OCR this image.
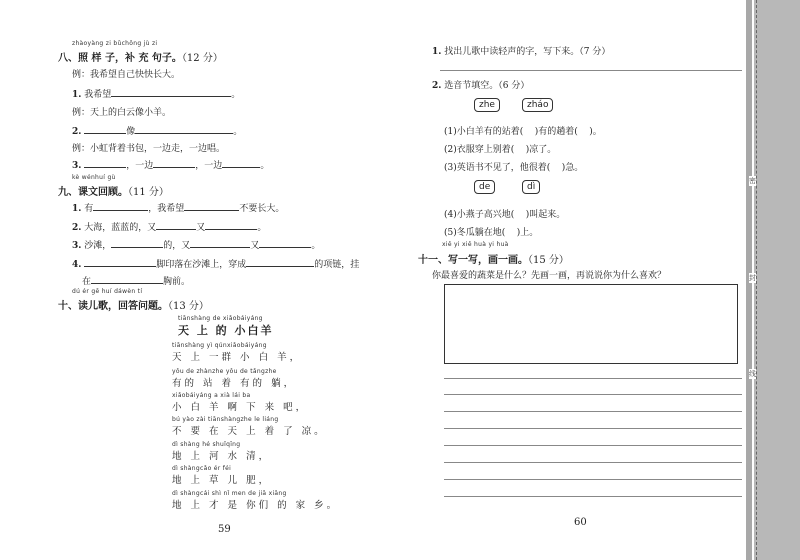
zhàoyàng zi bǔchōng jù zi
八、照 样 子，补 充 句子。（12 分）
例：我希望自己快快长大。
1. 我希望	。
例：天上的白云像小羊。
2.	像	。
例：小虹背着书包，一边走，一边唱。
3.	，一边	，一边	。
kè wénhuí gù
九、课文回顾。（11 分）
1. 有	，我希望	不要长大。
2. 大海，蓝蓝的，又	又	。
3. 沙滩，	的，又	又	。
4.	脚印落在沙滩上，穿成	的项链，挂
在	胸前。
dú ér gē huí dáwèn tí
十、读儿歌，回答问题。（13 分）
tiānshàng de xiǎobáiyáng
天 上 的 小白羊
tiānshàng yì qúnxiǎobáiyáng
天 上 一群 小 白 羊，
yǒu de zhànzhe yǒu de tǎngzhe
有的 站 着 有的 躺，
xiǎobáiyáng a xià lái ba
小 白 羊 啊 下 来 吧，
bú yào zài tiānshàngzhe le liáng
不 要 在 天 上 着 了 凉。
dì shàng hé shuǐqīng
地 上 河 水 清，
dì shàngcǎo ér féi
地 上 草 儿 肥，
dì shàngcái shì nǐ men de jiā xiāng
地 上 才 是 你们 的 家 乡。
59
1. 找出儿歌中读轻声的字，写下来。（7 分）
2. 选音节填空。（6 分）
zhe	zháo
(1)小白羊有的站着( )有的趟着( )。
(2)衣服穿上别着( )凉了。
(3)英语书不见了，他很着( )急。
de	dì
(4)小燕子高兴地( )叫起来。
(5)冬瓜躺在地( )上。
xiě yi xiě huà yi huà
十一、写一写，画一画。（15 分）
你最喜爱的蔬菜是什么？先画一画，再说说你为什么喜欢？
60
密
封
线
